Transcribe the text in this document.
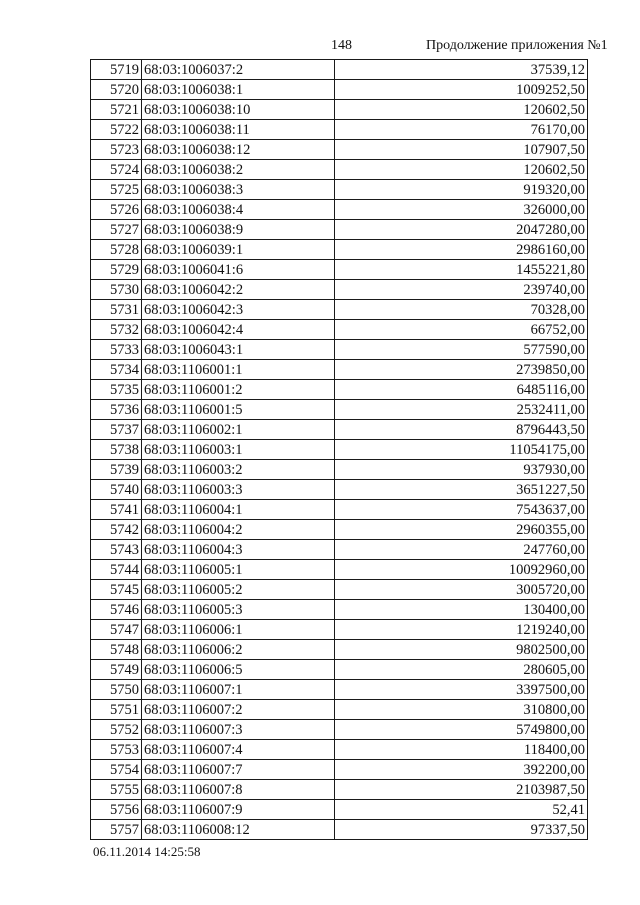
148	Продолжение приложения №1
5719	68:03:1006037:2	37539,12
5720	68:03:1006038:1	1009252,50
5721	68:03:1006038:10	120602,50
5722	68:03:1006038:11	76170,00
5723	68:03:1006038:12	107907,50
5724	68:03:1006038:2	120602,50
5725	68:03:1006038:3	919320,00
5726	68:03:1006038:4	326000,00
5727	68:03:1006038:9	2047280,00
5728	68:03:1006039:1	2986160,00
5729	68:03:1006041:6	1455221,80
5730	68:03:1006042:2	239740,00
5731	68:03:1006042:3	70328,00
5732	68:03:1006042:4	66752,00
5733	68:03:1006043:1	577590,00
5734	68:03:1106001:1	2739850,00
5735	68:03:1106001:2	6485116,00
5736	68:03:1106001:5	2532411,00
5737	68:03:1106002:1	8796443,50
5738	68:03:1106003:1	11054175,00
5739	68:03:1106003:2	937930,00
5740	68:03:1106003:3	3651227,50
5741	68:03:1106004:1	7543637,00
5742	68:03:1106004:2	2960355,00
5743	68:03:1106004:3	247760,00
5744	68:03:1106005:1	10092960,00
5745	68:03:1106005:2	3005720,00
5746	68:03:1106005:3	130400,00
5747	68:03:1106006:1	1219240,00
5748	68:03:1106006:2	9802500,00
5749	68:03:1106006:5	280605,00
5750	68:03:1106007:1	3397500,00
5751	68:03:1106007:2	310800,00
5752	68:03:1106007:3	5749800,00
5753	68:03:1106007:4	118400,00
5754	68:03:1106007:7	392200,00
5755	68:03:1106007:8	2103987,50
5756	68:03:1106007:9	52,41
5757	68:03:1106008:12	97337,50
06.11.2014 14:25:58
